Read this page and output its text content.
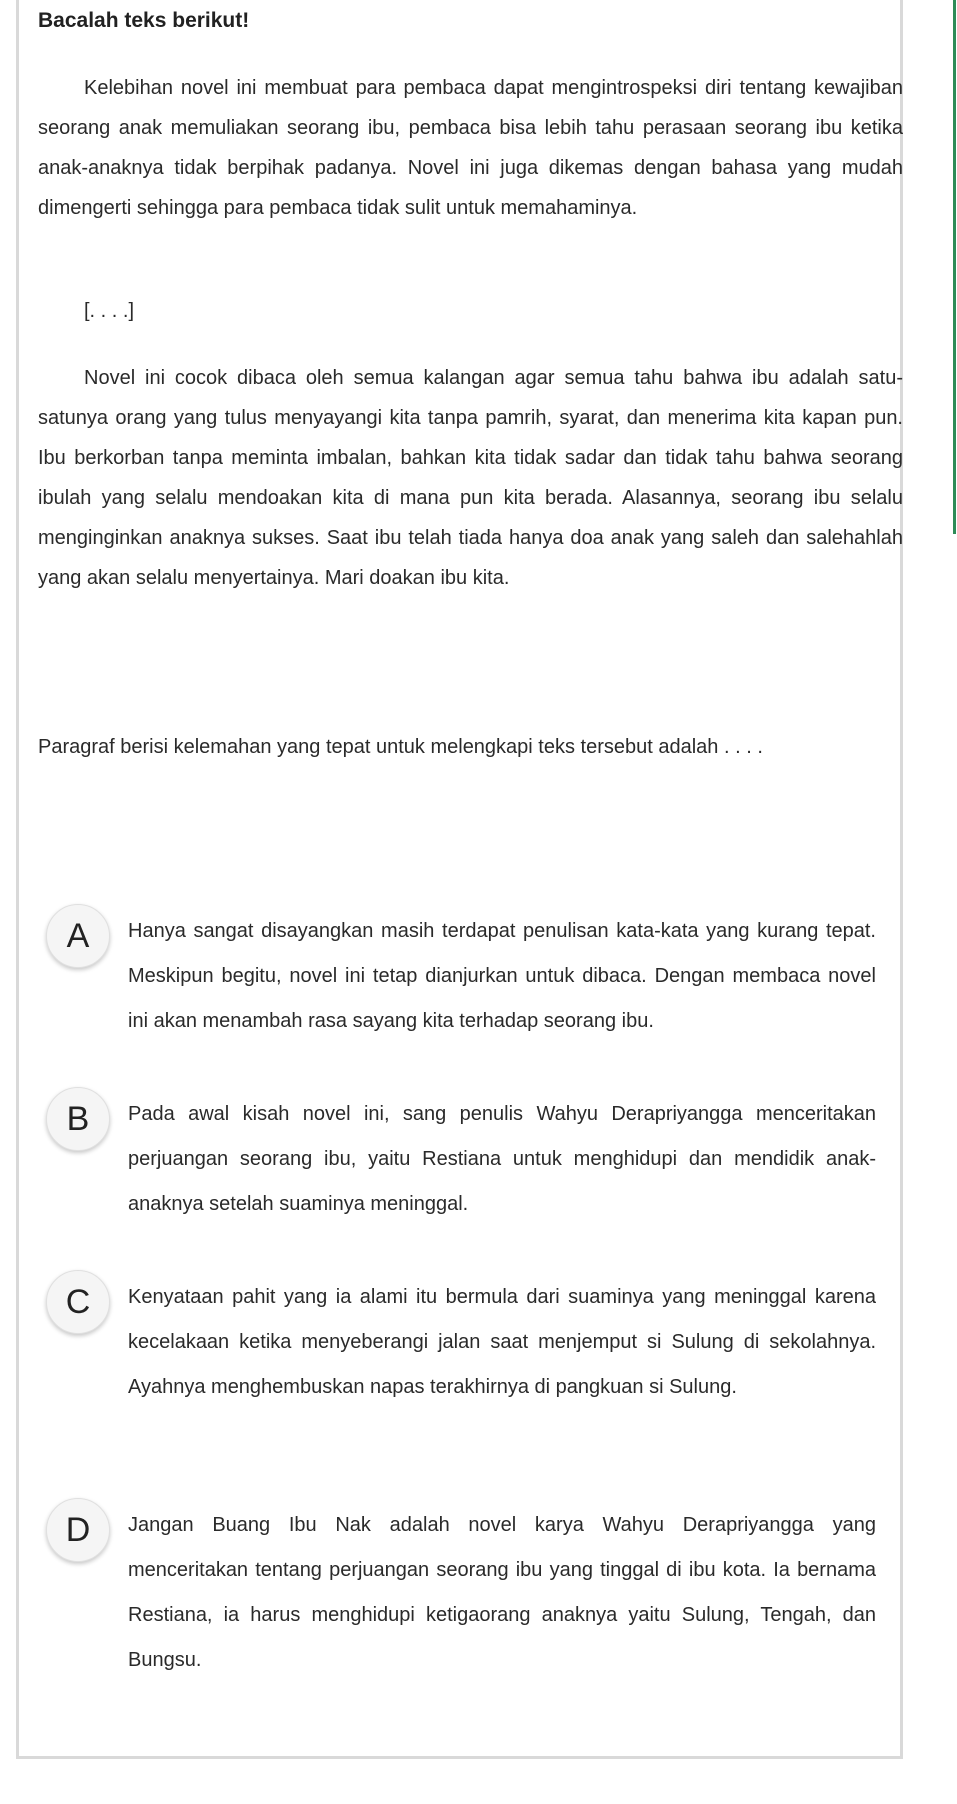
Bacalah teks berikut!

Kelebihan novel ini membuat para pembaca dapat mengintrospeksi diri tentang kewajiban seorang anak memuliakan seorang ibu, pembaca bisa lebih tahu perasaan seorang ibu ketika anak-anaknya tidak berpihak padanya. Novel ini juga dikemas dengan bahasa yang mudah dimengerti sehingga para pembaca tidak sulit untuk memahaminya.

[. . . .]

Novel ini cocok dibaca oleh semua kalangan agar semua tahu bahwa ibu adalah satu-satunya orang yang tulus menyayangi kita tanpa pamrih, syarat, dan menerima kita kapan pun. Ibu berkorban tanpa meminta imbalan, bahkan kita tidak sadar dan tidak tahu bahwa seorang ibulah yang selalu mendoakan kita di mana pun kita berada. Alasannya, seorang ibu selalu menginginkan anaknya sukses. Saat ibu telah tiada hanya doa anak yang saleh dan salehahlah yang akan selalu menyertainya. Mari doakan ibu kita.

Paragraf berisi kelemahan yang tepat untuk melengkapi teks tersebut adalah . . . .

A	Hanya sangat disayangkan masih terdapat penulisan kata-kata yang kurang tepat. Meskipun begitu, novel ini tetap dianjurkan untuk dibaca. Dengan membaca novel ini akan menambah rasa sayang kita terhadap seorang ibu.

B	Pada awal kisah novel ini, sang penulis Wahyu Derapriyangga menceritakan perjuangan seorang ibu, yaitu Restiana untuk menghidupi dan mendidik anak-anaknya setelah suaminya meninggal.

C	Kenyataan pahit yang ia alami itu bermula dari suaminya yang meninggal karena kecelakaan ketika menyeberangi jalan saat menjemput si Sulung di sekolahnya. Ayahnya menghembuskan napas terakhirnya di pangkuan si Sulung.

D	Jangan Buang Ibu Nak adalah novel karya Wahyu Derapriyangga yang menceritakan tentang perjuangan seorang ibu yang tinggal di ibu kota. Ia bernama Restiana, ia harus menghidupi ketigaorang anaknya yaitu Sulung, Tengah, dan Bungsu.
